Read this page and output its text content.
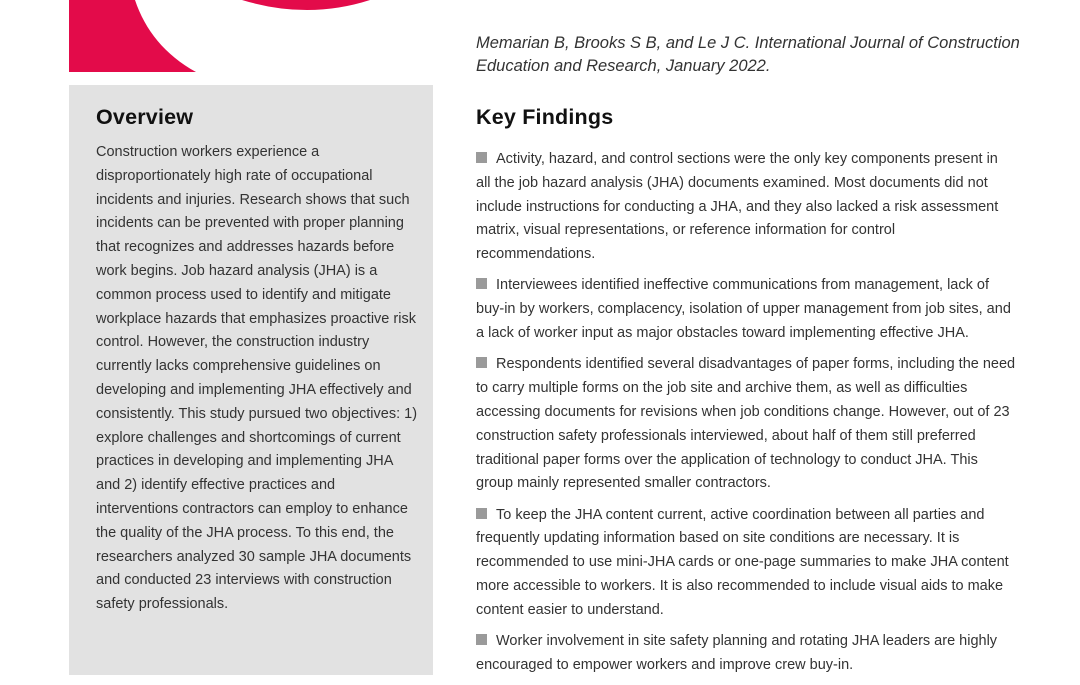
Memarian B, Brooks S B, and Le J C. International Journal of Construction Education and Research, January 2022.
Overview

Construction workers experience a disproportionately high rate of occupational incidents and injuries. Research shows that such incidents can be prevented with proper planning that recognizes and addresses hazards before work begins. Job hazard analysis (JHA) is a common process used to identify and mitigate workplace hazards that emphasizes proactive risk control. However, the construction industry currently lacks comprehensive guidelines on developing and implementing JHA effectively and consistently. This study pursued two objectives: 1) explore challenges and shortcomings of current practices in developing and implementing JHA and 2) identify effective practices and interventions contractors can employ to enhance the quality of the JHA process. To this end, the researchers analyzed 30 sample JHA documents and conducted 23 interviews with construction safety professionals.

Key Findings
Activity, hazard, and control sections were the only key components present in all the job hazard analysis (JHA) documents examined. Most documents did not include instructions for conducting a JHA, and they also lacked a risk assessment matrix, visual representations, or reference information for control recommendations.
Interviewees identified ineffective communications from management, lack of buy-in by workers, complacency, isolation of upper management from job sites, and a lack of worker input as major obstacles toward implementing effective JHA.
Respondents identified several disadvantages of paper forms, including the need to carry multiple forms on the job site and archive them, as well as difficulties accessing documents for revisions when job conditions change. However, out of 23 construction safety professionals interviewed, about half of them still preferred traditional paper forms over the application of technology to conduct JHA. This group mainly represented smaller contractors.
To keep the JHA content current, active coordination between all parties and frequently updating information based on site conditions are necessary. It is recommended to use mini-JHA cards or one-page summaries to make JHA content more accessible to workers. It is also recommended to include visual aids to make content easier to understand.
Worker involvement in site safety planning and rotating JHA leaders are highly encouraged to empower workers and improve crew buy-in.
